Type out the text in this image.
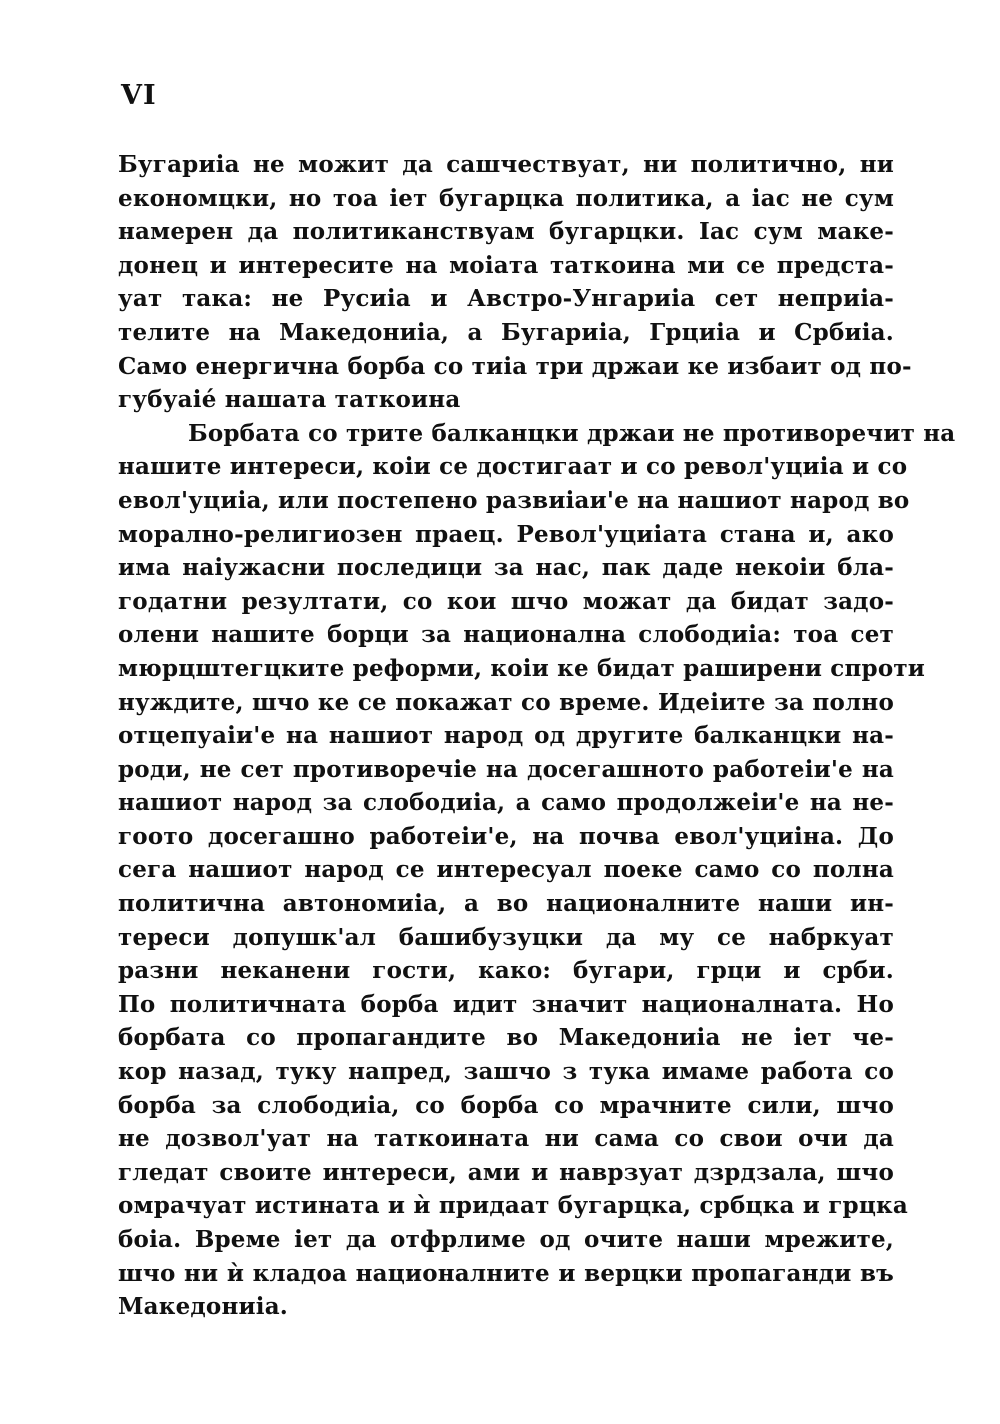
VI
Бугариіа не можит да сашчествуат, ни политично, ни
економцки, но тоа іет бугарцка политика, а іас не сум
намерен да политиканствуам бугарцки. Іас сум маке-
донец и интересите на моіата таткоина ми се предста-
уат така: не Русиіа и Австро-Унгариіа сет неприіа-
телите на Македониіа, а Бугариіа, Грциіа и Србиіа.
Само енергична борба со тиіа три држаи ке избаит од по-
губуаіе́ нашата таткоина
Борбата со трите балканцки држаи не противоречит на
нашите интереси, коіи се достигаат и со револ'уциіа и со
евол'уциіа, или постепено развиіаи'е на нашиот народ во
морално-религиозен праец. Револ'уциіата стана и, ако
има наіужасни последици за нас, пак даде некоіи бла-
годатни резултати, со кои шчо можат да бидат задо-
олени нашите борци за национална слободиіа: тоа сет
мюрцштегцките реформи, коіи ке бидат раширени спроти
нуждите, шчо ке се покажат со време. Идеіите за полно
отцепуаіи'е на нашиот народ од другите балканцки на-
роди, не сет противоречіе на досегашното работеіи'е на
нашиот народ за слободиіа, а само продолжеіи'е на не-
гоото досегашно работеіи'е, на почва евол'уциіна. До
сега нашиот народ се интересуал поеке само со полна
политична автономиіа, а во националните наши ин-
тереси допушк'ал башибузуцки да му се набркуат
разни неканени гости, како: бугари, грци и срби.
По политичната борба идит значит националната. Но
борбата со пропагандите во Македониіа не іет че-
кор назад, туку напред, зашчо з тука имаме работа со
борба за слободиіа, со борба со мрачните сили, шчо
не дозвол'уат на таткоината ни сама со свои очи да
гледат своите интереси, ами и наврзуат дзрдзала, шчо
омрачуат истината и ѝ придаат бугарцка, србцка и грцка
боіа. Време іет да отфрлиме од очите наши мрежите,
шчо ни ѝ кладоа националните и верцки пропаганди въ
Македониіа.
